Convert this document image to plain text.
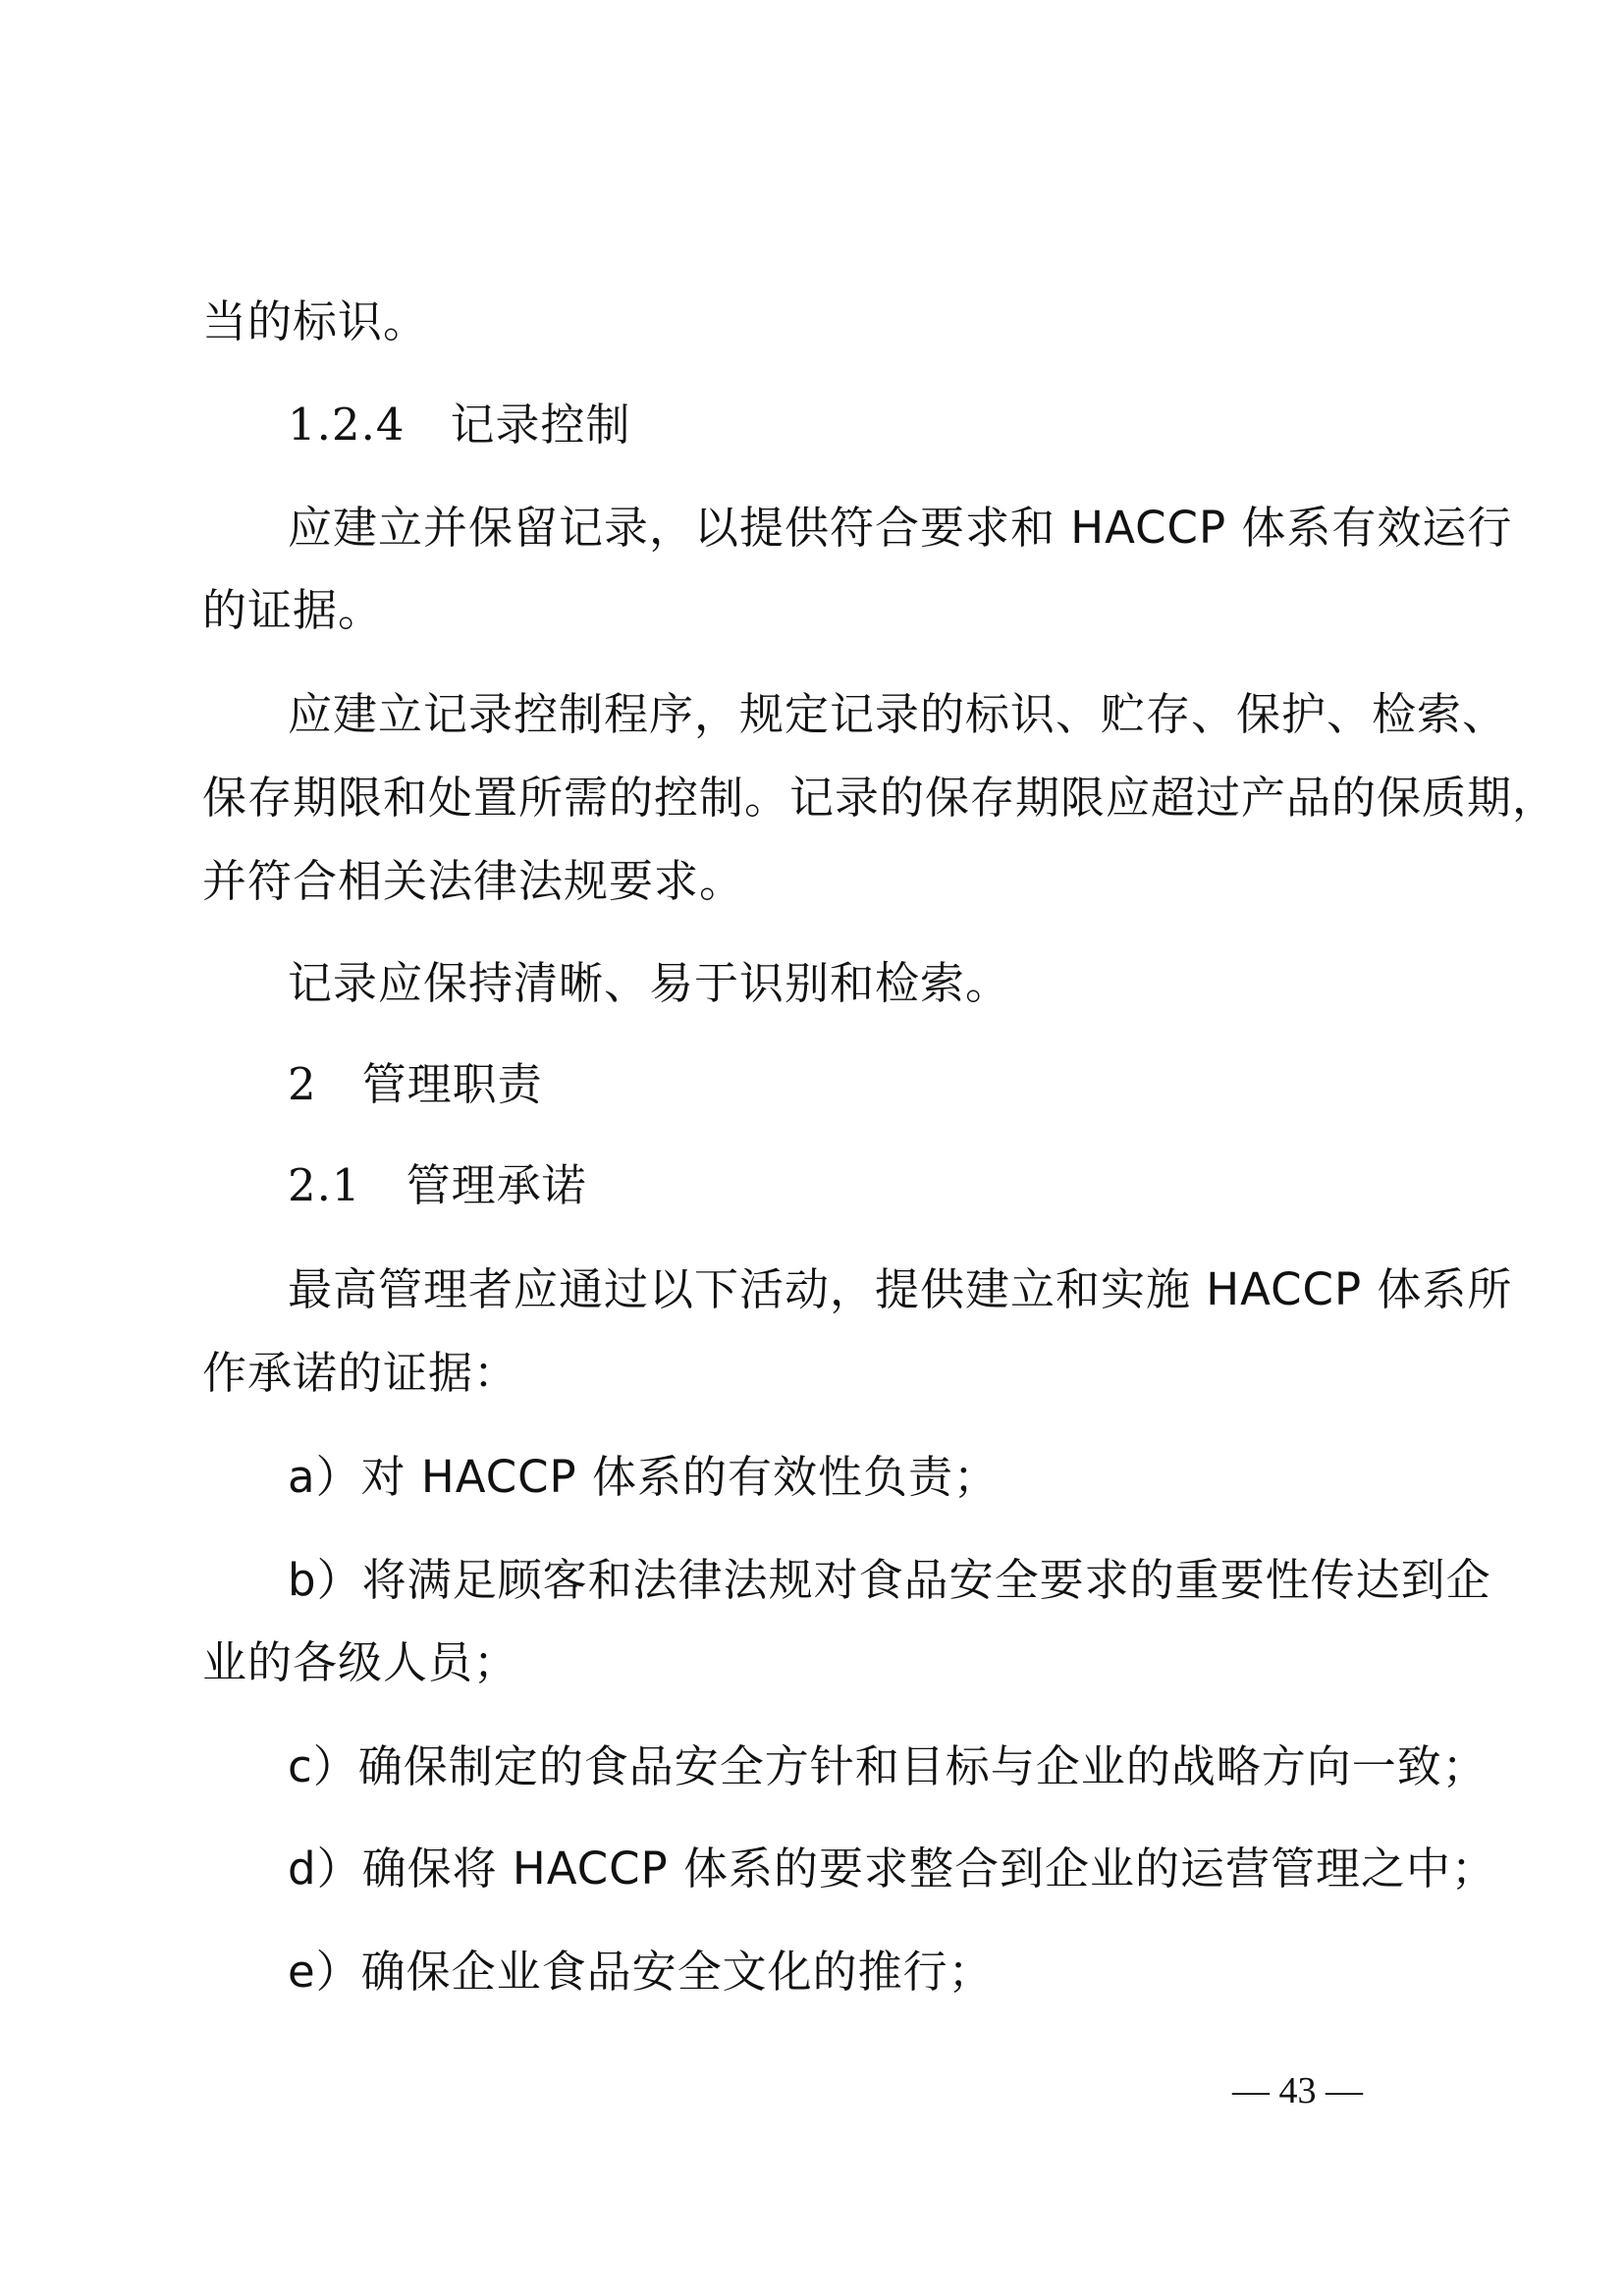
当的标识。
1.2.4　记录控制
应建立并保留记录，以提供符合要求和 HACCP 体系有效运行
的证据。
应建立记录控制程序，规定记录的标识、贮存、保护、检索、
保存期限和处置所需的控制。记录的保存期限应超过产品的保质期，
并符合相关法律法规要求。
记录应保持清晰、易于识别和检索。
2　管理职责
2.1　管理承诺
最高管理者应通过以下活动，提供建立和实施 HACCP 体系所
作承诺的证据：
a）对 HACCP 体系的有效性负责；
b）将满足顾客和法律法规对食品安全要求的重要性传达到企
业的各级人员；
c）确保制定的食品安全方针和目标与企业的战略方向一致；
d）确保将 HACCP 体系的要求整合到企业的运营管理之中；
e）确保企业食品安全文化的推行；
— 43 —
